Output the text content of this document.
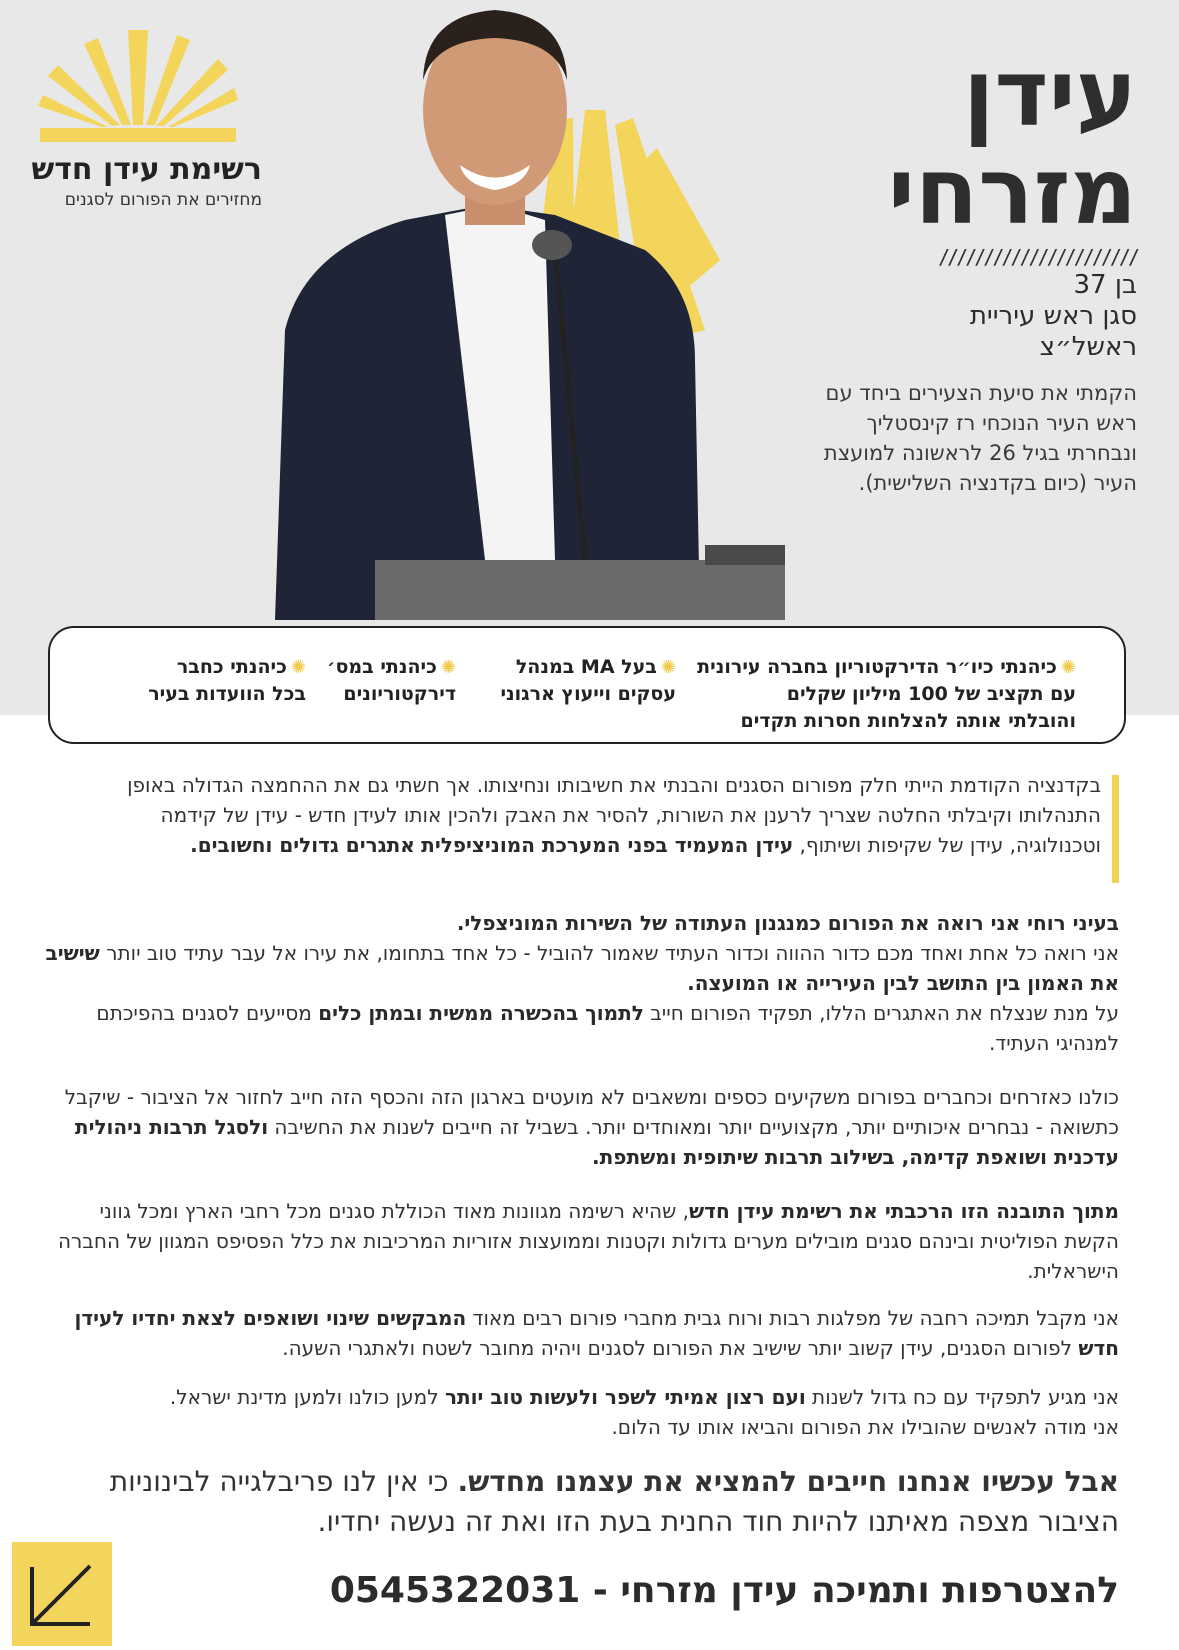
רשימת עידן חדש
מחזירים את הפורום לסגנים
עידן
מזרחי
//////////////////////
בן 37
סגן ראש עיריית
ראשל״צ
הקמתי את סיעת הצעירים ביחד עם
ראש העיר הנוכחי רז קינסטליך
ונבחרתי בגיל 26 לראשונה למועצת
העיר (כיום בקדנציה השלישית).
✺כיהנתי כיו״ר הדירקטוריון בחברה עירונית
עם תקציב של 100 מיליון שקלים
והובלתי אותה להצלחות חסרות תקדים
✺בעל MA במנהל
עסקים וייעוץ ארגוני
✺כיהנתי במס׳
דירקטוריונים
✺כיהנתי כחבר
בכל הוועדות בעיר
בקדנציה הקודמת הייתי חלק מפורום הסגנים והבנתי את חשיבותו ונחיצותו. אך חשתי גם את ההחמצה הגדולה באופן התנהלותו וקיבלתי החלטה שצריך לרענן את השורות, להסיר את האבק ולהכין אותו לעידן חדש - עידן של קידמה וטכנולוגיה, עידן של שקיפות ושיתוף, עידן המעמיד בפני המערכת המוניציפלית אתגרים גדולים וחשובים.
בעיני רוחי אני רואה את הפורום כמנגנון העתודה של השירות המוניצפלי.
אני רואה כל אחת ואחד מכם כדור ההווה וכדור העתיד שאמור להוביל - כל אחד בתחומו, את עירו אל עבר עתיד טוב יותר שישיב את האמון בין התושב לבין העירייה או המועצה.
על מנת שנצלח את האתגרים הללו, תפקיד הפורום חייב לתמוך בהכשרה ממשית ובמתן כלים מסייעים לסגנים בהפיכתם למנהיגי העתיד.
כולנו כאזרחים וכחברים בפורום משקיעים כספים ומשאבים לא מועטים בארגון הזה והכסף הזה חייב לחזור אל הציבור - שיקבל כתשואה - נבחרים איכותיים יותר, מקצועיים יותר ומאוחדים יותר. בשביל זה חייבים לשנות את החשיבה ולסגל תרבות ניהולית עדכנית ושואפת קדימה, בשילוב תרבות שיתופית ומשתפת.
מתוך התובנה הזו הרכבתי את רשימת עידן חדש, שהיא רשימה מגוונות מאוד הכוללת סגנים מכל רחבי הארץ ומכל גווני הקשת הפוליטית ובינהם סגנים מובילים מערים גדולות וקטנות וממועצות אזוריות המרכיבות את כלל הפסיפס המגוון של החברה הישראלית.
אני מקבל תמיכה רחבה של מפלגות רבות ורוח גבית מחברי פורום רבים מאוד המבקשים שינוי ושואפים לצאת יחדיו לעידן חדש לפורום הסגנים, עידן קשוב יותר שישיב את הפורום לסגנים ויהיה מחובר לשטח ולאתגרי השעה.
אני מגיע לתפקיד עם כח גדול לשנות ועם רצון אמיתי לשפר ולעשות טוב יותר למען כולנו ולמען מדינת ישראל.
אני מודה לאנשים שהובילו את הפורום והביאו אותו עד הלום.
אבל עכשיו אנחנו חייבים להמציא את עצמנו מחדש. כי אין לנו פריבלגייה לבינוניות הציבור מצפה מאיתנו להיות חוד החנית בעת הזו ואת זה נעשה יחדיו.
להצטרפות ותמיכה עידן מזרחי - 0545322031
